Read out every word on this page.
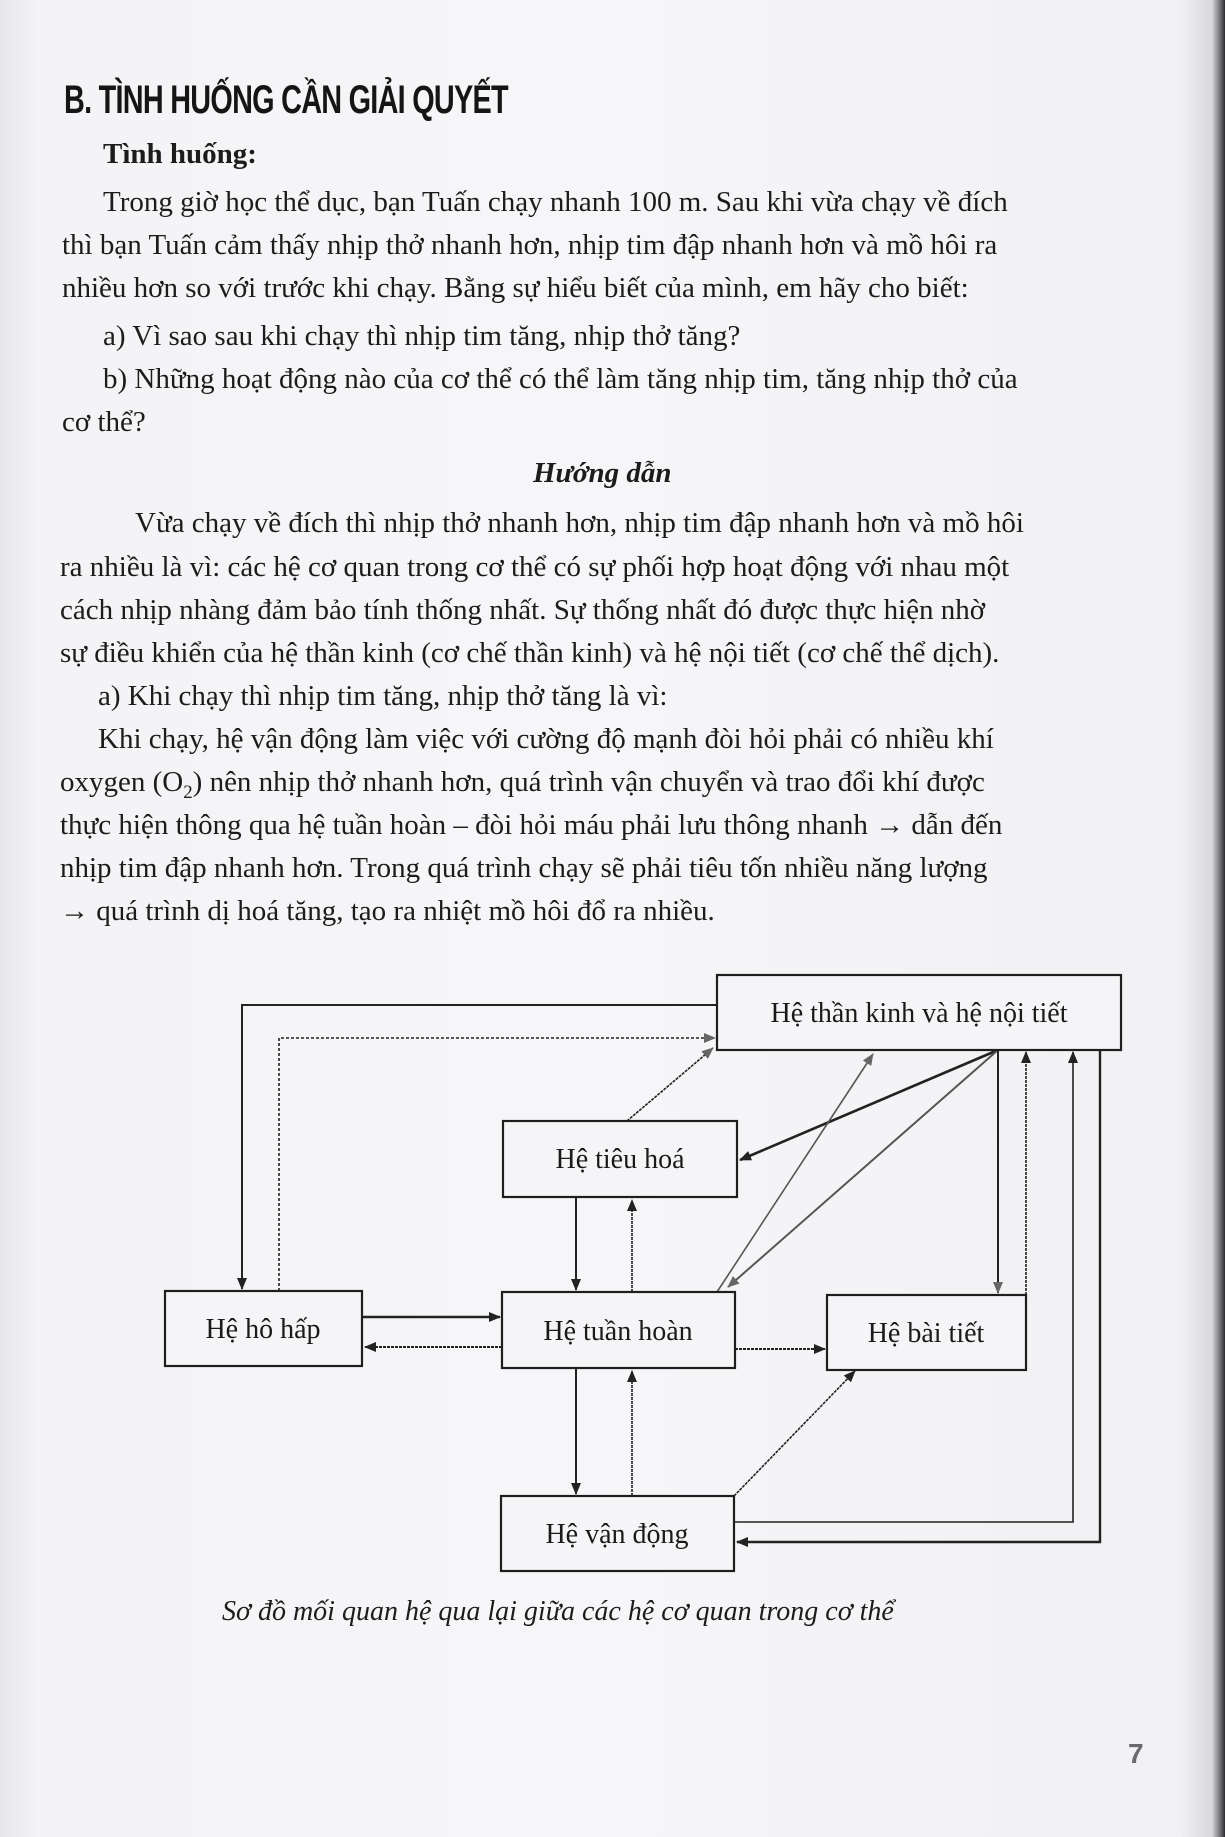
B. TÌNH HUỐNG CẦN GIẢI QUYẾT
Tình huống:
Trong giờ học thể dục, bạn Tuấn chạy nhanh 100 m. Sau khi vừa chạy về đích
thì bạn Tuấn cảm thấy nhịp thở nhanh hơn, nhịp tim đập nhanh hơn và mồ hôi ra
nhiều hơn so với trước khi chạy. Bằng sự hiểu biết của mình, em hãy cho biết:
a) Vì sao sau khi chạy thì nhịp tim tăng, nhịp thở tăng?
b) Những hoạt động nào của cơ thể có thể làm tăng nhịp tim, tăng nhịp thở của
cơ thể?
Hướng dẫn
Vừa chạy về đích thì nhịp thở nhanh hơn, nhịp tim đập nhanh hơn và mồ hôi
ra nhiều là vì: các hệ cơ quan trong cơ thể có sự phối hợp hoạt động với nhau một
cách nhịp nhàng đảm bảo tính thống nhất. Sự thống nhất đó được thực hiện nhờ
sự điều khiển của hệ thần kinh (cơ chế thần kinh) và hệ nội tiết (cơ chế thể dịch).
a) Khi chạy thì nhịp tim tăng, nhịp thở tăng là vì:
Khi chạy, hệ vận động làm việc với cường độ mạnh đòi hỏi phải có nhiều khí
oxygen $(O_2)$ nên nhịp thở nhanh hơn, quá trình vận chuyển và trao đổi khí được
thực hiện thông qua hệ tuần hoàn – đòi hỏi máu phải lưu thông nhanh → dẫn đến
nhịp tim đập nhanh hơn. Trong quá trình chạy sẽ phải tiêu tốn nhiều năng lượng
→ quá trình dị hoá tăng, tạo ra nhiệt mồ hôi đổ ra nhiều.
Hệ thần kinh và hệ nội tiết
Hệ tiêu hoá
Hệ hô hấp	Hệ tuần hoàn	Hệ bài tiết
Hệ vận động
Sơ đồ mối quan hệ qua lại giữa các hệ cơ quan trong cơ thể
7
